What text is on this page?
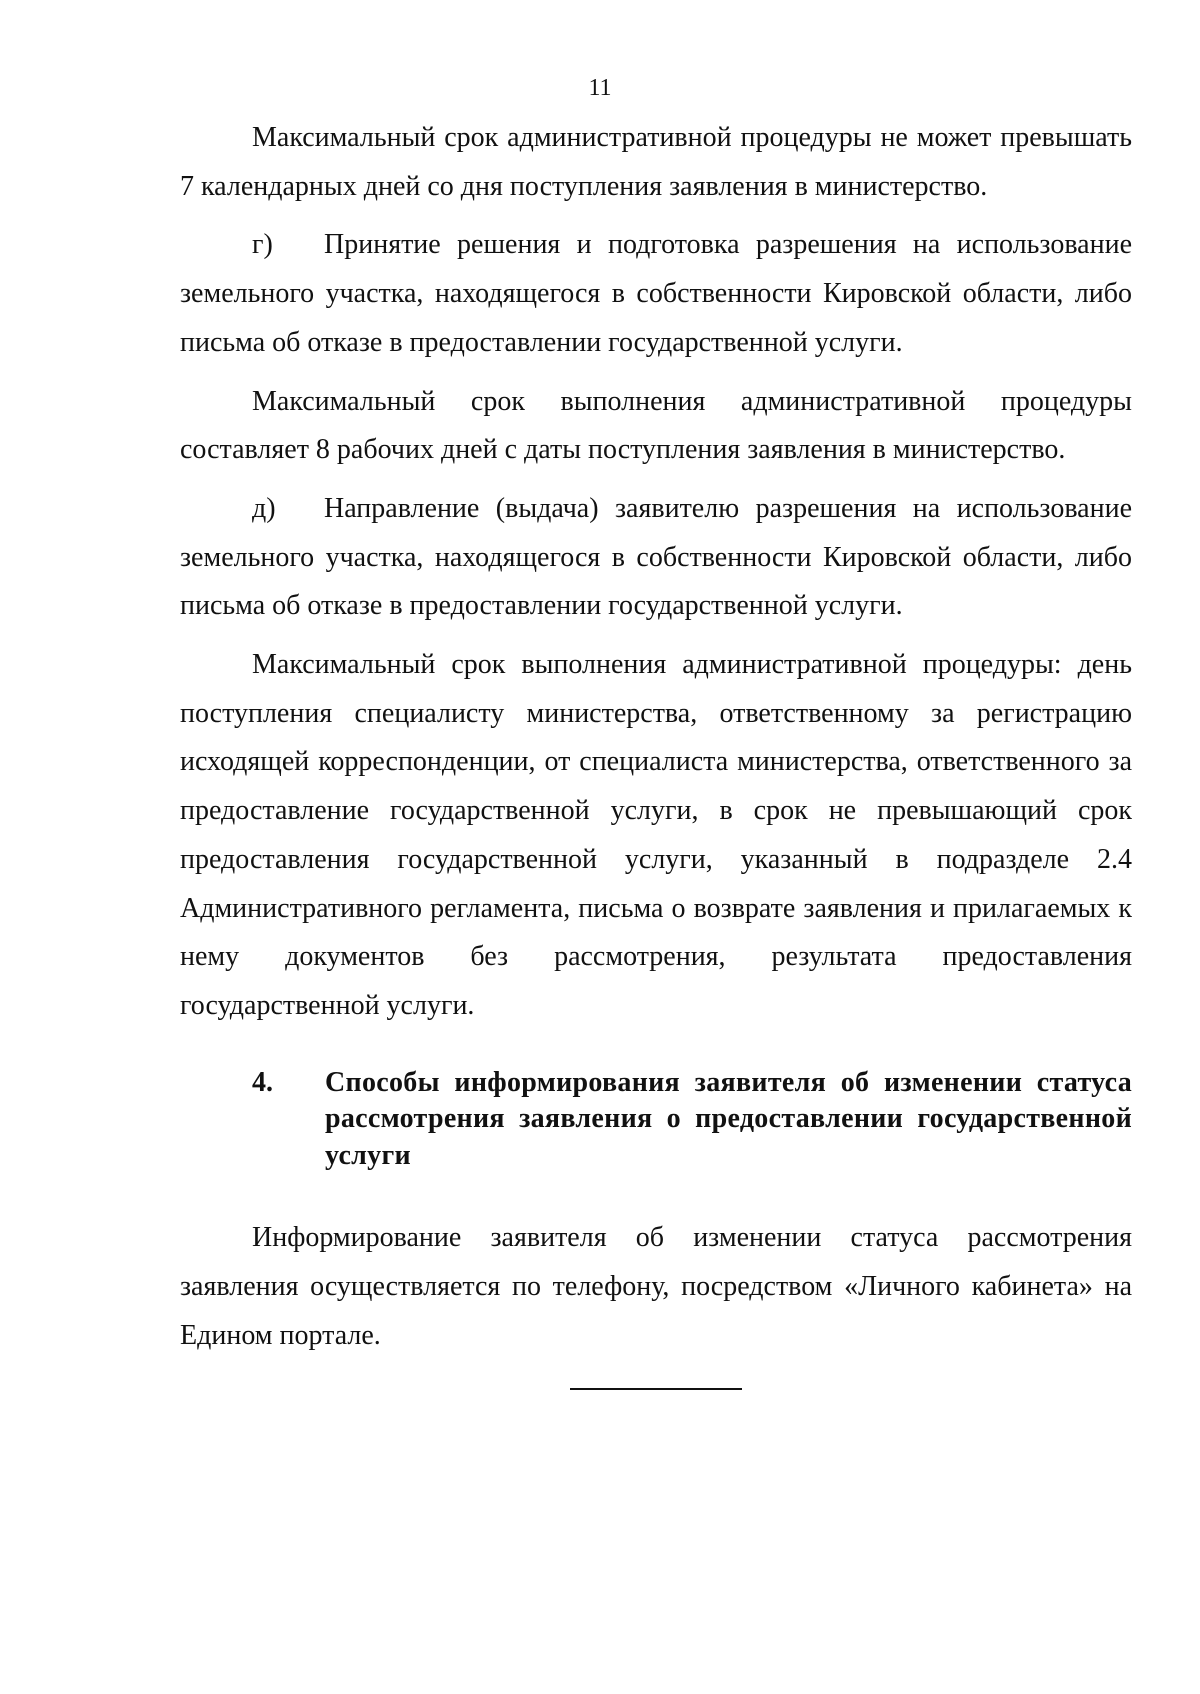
11

Максимальный срок административной процедуры не может превышать 7 календарных дней со дня поступления заявления в министерство.

г) Принятие решения и подготовка разрешения на использование земельного участка, находящегося в собственности Кировской области, либо письма об отказе в предоставлении государственной услуги.

Максимальный срок выполнения административной процедуры составляет 8 рабочих дней с даты поступления заявления в министерство.

д) Направление (выдача) заявителю разрешения на использование земельного участка, находящегося в собственности Кировской области, либо письма об отказе в предоставлении государственной услуги.

Максимальный срок выполнения административной процедуры: день поступления специалисту министерства, ответственному за регистрацию исходящей корреспонденции, от специалиста министерства, ответственного за предоставление государственной услуги, в срок не превышающий срок предоставления государственной услуги, указанный в подразделе 2.4 Административного регламента, письма о возврате заявления и прилагаемых к нему документов без рассмотрения, результата предоставления государственной услуги.

4.	Способы информирования заявителя об изменении статуса рассмотрения заявления о предоставлении государственной услуги

Информирование заявителя об изменении статуса рассмотрения заявления осуществляется по телефону, посредством «Личного кабинета» на Едином портале.
